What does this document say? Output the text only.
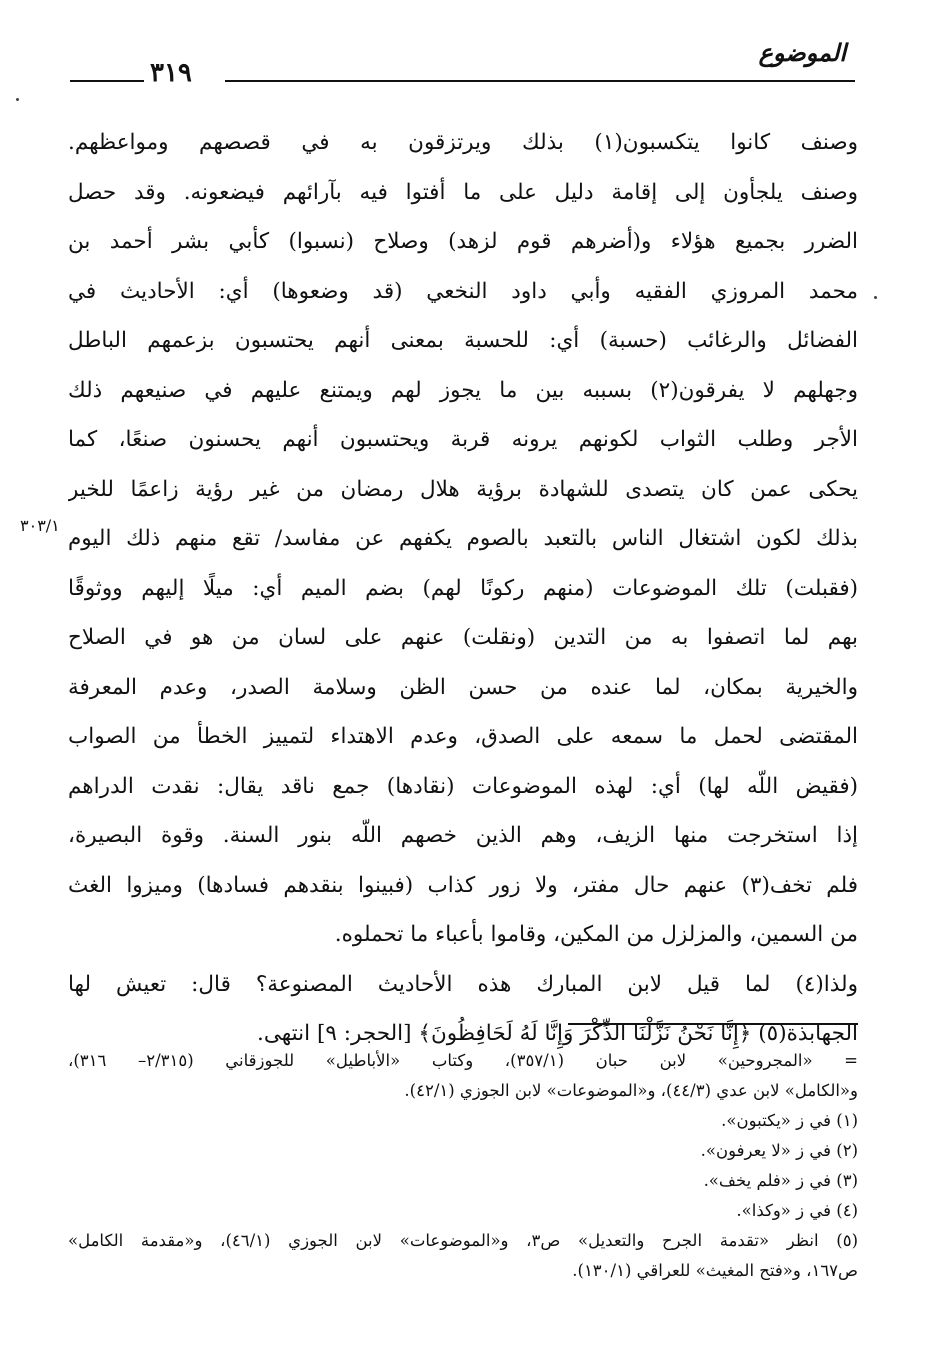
الموضوع
٣١٩
وصنف كانوا يتكسبون(١) بذلك ويرتزقون به في قصصهم ومواعظهم.
وصنف يلجأون إلى إقامة دليل على ما أفتوا فيه بآرائهم فيضعونه. وقد حصل
الضرر بجميع هؤلاء و(أضرهم قوم لزهد) وصلاح (نسبوا) كأبي بشر أحمد بن
محمد المروزي الفقيه وأبي داود النخعي (قد وضعوها) أي: الأحاديث في
الفضائل والرغائب (حسبة) أي: للحسبة بمعنى أنهم يحتسبون بزعمهم الباطل
وجهلهم لا يفرقون(٢) بسببه بين ما يجوز لهم ويمتنع عليهم في صنيعهم ذلك
الأجر وطلب الثواب لكونهم يرونه قربة ويحتسبون أنهم يحسنون صنعًا، كما
يحكى عمن كان يتصدى للشهادة برؤية هلال رمضان من غير رؤية زاعمًا للخير
بذلك لكون اشتغال الناس بالتعبد بالصوم يكفهم عن مفاسد/ تقع منهم ذلك اليوم
(فقبلت) تلك الموضوعات (منهم ركونًا لهم) بضم الميم أي: ميلًا إليهم ووثوقًا
بهم لما اتصفوا به من التدين (ونقلت) عنهم على لسان من هو في الصلاح
والخيرية بمكان، لما عنده من حسن الظن وسلامة الصدر، وعدم المعرفة
المقتضى لحمل ما سمعه على الصدق، وعدم الاهتداء لتمييز الخطأ من الصواب
(فقيض اللّه لها) أي: لهذه الموضوعات (نقادها) جمع ناقد يقال: نقدت الدراهم
إذا استخرجت منها الزيف، وهم الذين خصهم اللّه بنور السنة. وقوة البصيرة،
فلم تخف(٣) عنهم حال مفتر، ولا زور كذاب (فبينوا بنقدهم فسادها) وميزوا الغث
من السمين، والمزلزل من المكين، وقاموا بأعباء ما تحملوه.
ولذا(٤) لما قيل لابن المبارك هذه الأحاديث المصنوعة؟ قال: تعيش لها
الجهابذة(٥) ﴿إِنَّا نَحْنُ نَزَّلْنَا الذِّكْرَ وَإِنَّا لَهُ لَحَافِظُونَ﴾ [الحجر: ٩] انتهى.
٣٠٣/١
= «المجروحين» لابن حبان (٣٥٧/١)، وكتاب «الأباطيل» للجوزقاني (٢/٣١٥– ٣١٦)،
و«الكامل» لابن عدي (٤٤/٣)، و«الموضوعات» لابن الجوزي (٤٢/١).
(١) في ز «يكتبون».
(٢) في ز «لا يعرفون».
(٣) في ز «فلم يخف».
(٤) في ز «وكذا».
(٥) انظر «تقدمة الجرح والتعديل» ص٣، و«الموضوعات» لابن الجوزي (٤٦/١)، و«مقدمة الكامل»
ص١٦٧، و«فتح المغيث» للعراقي (١٣٠/١).
